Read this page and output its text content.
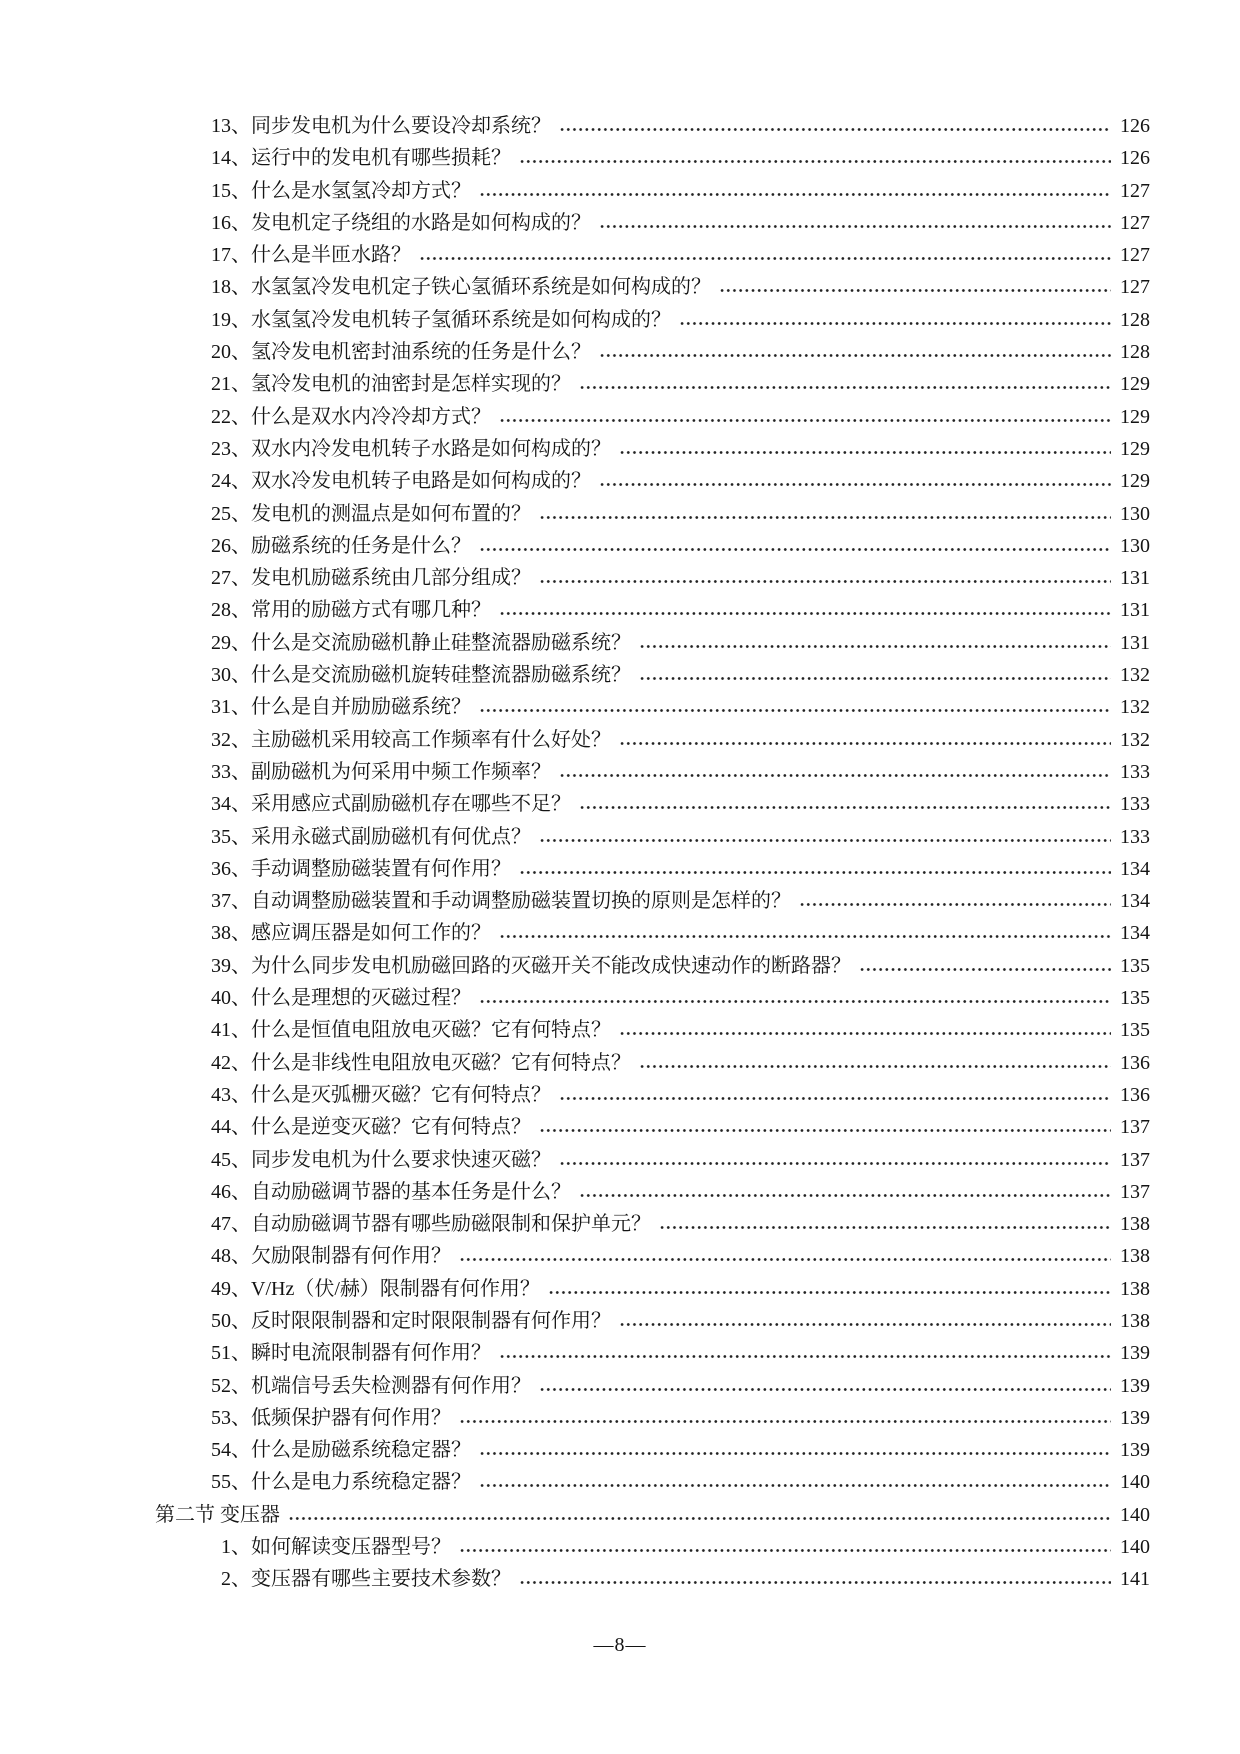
13、 同步发电机为什么要设冷却系统？	126
14、 运行中的发电机有哪些损耗？	126
15、 什么是水氢氢冷却方式？	127
16、 发电机定子绕组的水路是如何构成的？	127
17、 什么是半匝水路？	127
18、 水氢氢冷发电机定子铁心氢循环系统是如何构成的？	127
19、 水氢氢冷发电机转子氢循环系统是如何构成的？	128
20、 氢冷发电机密封油系统的任务是什么？	128
21、 氢冷发电机的油密封是怎样实现的？	129
22、 什么是双水内冷冷却方式？	129
23、 双水内冷发电机转子水路是如何构成的？	129
24、 双水冷发电机转子电路是如何构成的？	129
25、 发电机的测温点是如何布置的？	130
26、 励磁系统的任务是什么？	130
27、 发电机励磁系统由几部分组成？	131
28、 常用的励磁方式有哪几种？	131
29、 什么是交流励磁机静止硅整流器励磁系统？	131
30、 什么是交流励磁机旋转硅整流器励磁系统？	132
31、 什么是自并励励磁系统？	132
32、 主励磁机采用较高工作频率有什么好处？	132
33、 副励磁机为何采用中频工作频率？	133
34、 采用感应式副励磁机存在哪些不足？	133
35、 采用永磁式副励磁机有何优点？	133
36、 手动调整励磁装置有何作用？	134
37、 自动调整励磁装置和手动调整励磁装置切换的原则是怎样的？	134
38、 感应调压器是如何工作的？	134
39、 为什么同步发电机励磁回路的灭磁开关不能改成快速动作的断路器？	135
40、 什么是理想的灭磁过程？	135
41、 什么是恒值电阻放电灭磁？它有何特点？	135
42、 什么是非线性电阻放电灭磁？它有何特点？	136
43、 什么是灭弧栅灭磁？它有何特点？	136
44、 什么是逆变灭磁？它有何特点？	137
45、 同步发电机为什么要求快速灭磁？	137
46、 自动励磁调节器的基本任务是什么？	137
47、 自动励磁调节器有哪些励磁限制和保护单元？	138
48、 欠励限制器有何作用？	138
49、 V/Hz（伏/赫）限制器有何作用？	138
50、 反时限限制器和定时限限制器有何作用？	138
51、 瞬时电流限制器有何作用？	139
52、 机端信号丢失检测器有何作用？	139
53、 低频保护器有何作用？	139
54、 什么是励磁系统稳定器？	139
55、 什么是电力系统稳定器？	140
第二节 变压器	140
1、 如何解读变压器型号？	140
2、 变压器有哪些主要技术参数？	141
—8—
